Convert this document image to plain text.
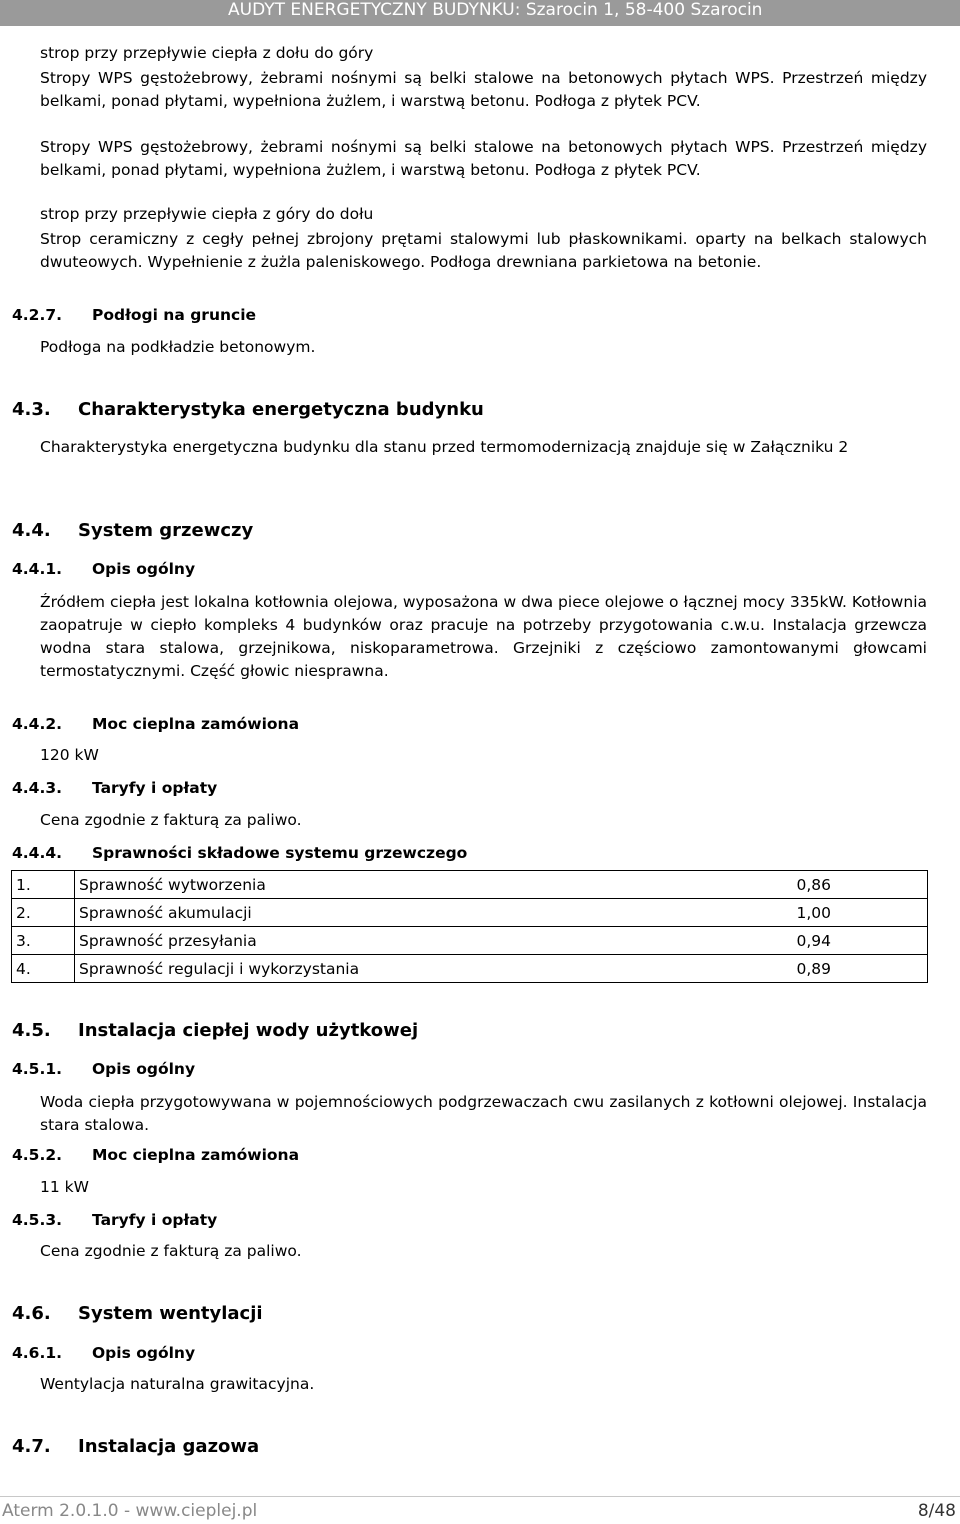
AUDYT ENERGETYCZNY BUDYNKU: Szarocin 1, 58-400 Szarocin
strop przy przepływie ciepła z dołu do góry
Stropy WPS gęstożebrowy, żebrami nośnymi są belki stalowe na betonowych płytach WPS. Przestrzeń między belkami, ponad płytami, wypełniona żużlem, i warstwą betonu. Podłoga z płytek PCV.
Stropy WPS gęstożebrowy, żebrami nośnymi są belki stalowe na betonowych płytach WPS. Przestrzeń między belkami, ponad płytami, wypełniona żużlem, i warstwą betonu. Podłoga z płytek PCV.
strop przy przepływie ciepła z góry do dołu
Strop ceramiczny z cegły pełnej zbrojony prętami stalowymi lub płaskownikami. oparty na belkach stalowych dwuteowych. Wypełnienie z żużla paleniskowego. Podłoga drewniana parkietowa na betonie.
4.2.7. Podłogi na gruncie
Podłoga na podkładzie betonowym.
4.3. Charakterystyka energetyczna budynku
Charakterystyka energetyczna budynku dla stanu przed termomodernizacją znajduje się w Załączniku 2
4.4. System grzewczy
4.4.1. Opis ogólny
Źródłem ciepła jest lokalna kotłownia olejowa, wyposażona w dwa piece olejowe o łącznej mocy 335kW. Kotłownia zaopatruje w ciepło kompleks 4 budynków oraz pracuje na potrzeby przygotowania c.w.u. Instalacja grzewcza wodna stara stalowa, grzejnikowa, niskoparametrowa. Grzejniki z częściowo zamontowanymi głowcami termostatycznymi. Część głowic niesprawna.
4.4.2. Moc cieplna zamówiona
120 kW
4.4.3. Taryfy i opłaty
Cena zgodnie z fakturą za paliwo.
4.4.4. Sprawności składowe systemu grzewczego
1.	Sprawność wytworzenia	0,86
2.	Sprawność akumulacji	1,00
3.	Sprawność przesyłania	0,94
4.	Sprawność regulacji i wykorzystania	0,89
4.5. Instalacja ciepłej wody użytkowej
4.5.1. Opis ogólny
Woda ciepła przygotowywana w pojemnościowych podgrzewaczach cwu zasilanych z kotłowni olejowej. Instalacja stara stalowa.
4.5.2. Moc cieplna zamówiona
11 kW
4.5.3. Taryfy i opłaty
Cena zgodnie z fakturą za paliwo.
4.6. System wentylacji
4.6.1. Opis ogólny
Wentylacja naturalna grawitacyjna.
4.7. Instalacja gazowa
Aterm 2.0.1.0 - www.cieplej.pl	8/48
